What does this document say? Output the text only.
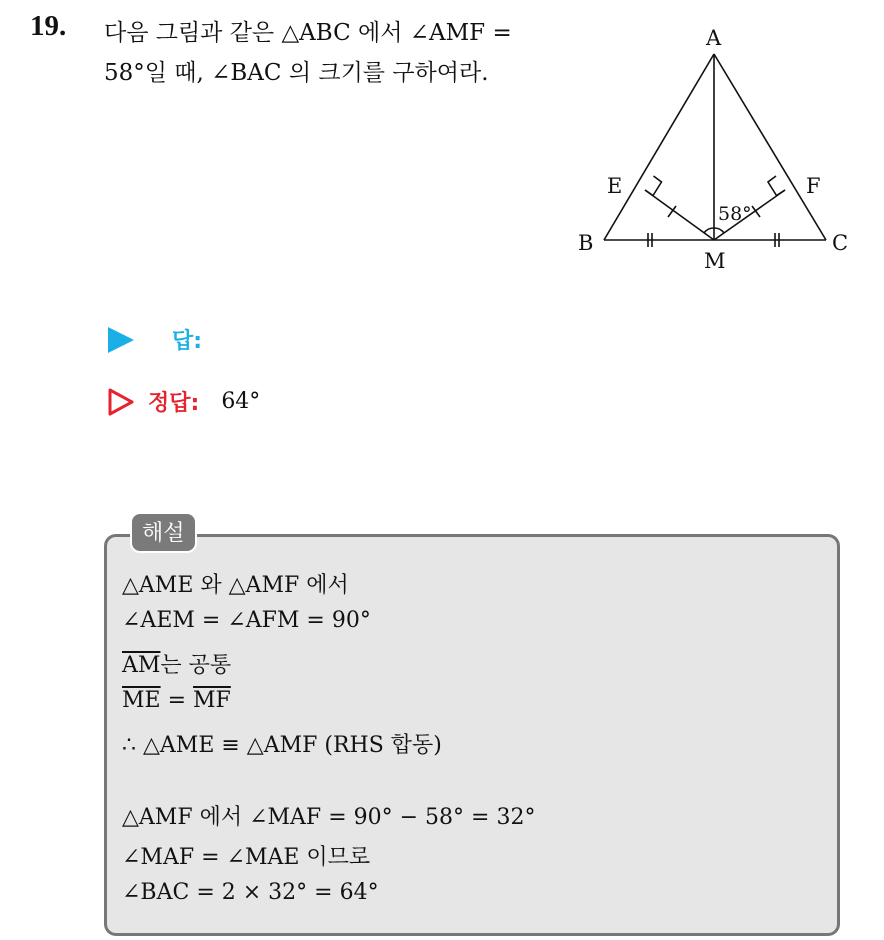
19. 다음 그림과 같은 △ABC 에서 ∠AMF =
58°일 때, ∠BAC 의 크기를 구하여라.
A
B	C
E	F
M
58°
답:
정답: 64°
해설
△AME 와 △AMF 에서
∠AEM = ∠AFM = 90°
$\overline{AM}$는 공통
$\overline{ME} = \overline{MF}$
∴ △AME ≡ △AMF (RHS 합동)
△AMF 에서 ∠MAF = 90° − 58° = 32°
∠MAF = ∠MAE 이므로
∠BAC = 2 × 32° = 64°
